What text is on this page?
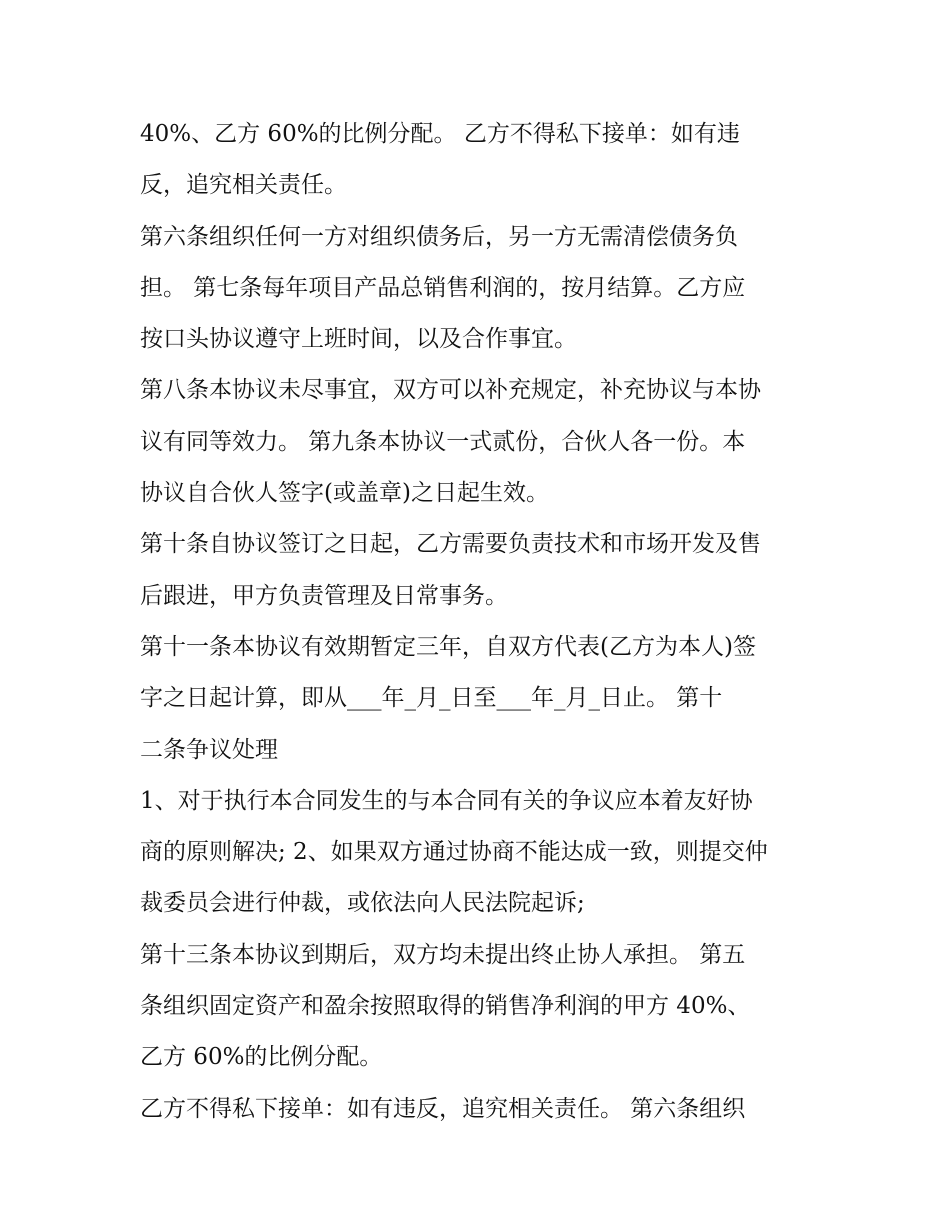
40%、乙方 60%的比例分配。 乙方不得私下接单：如有违
反，追究相关责任。
第六条组织任何一方对组织债务后，另一方无需清偿债务负
担。 第七条每年项目产品总销售利润的，按月结算。乙方应
按口头协议遵守上班时间，以及合作事宜。
第八条本协议未尽事宜，双方可以补充规定，补充协议与本协
议有同等效力。 第九条本协议一式贰份，合伙人各一份。本
协议自合伙人签字(或盖章)之日起生效。
第十条自协议签订之日起，乙方需要负责技术和市场开发及售
后跟进，甲方负责管理及日常事务。
第十一条本协议有效期暂定三年，自双方代表(乙方为本人)签
字之日起计算，即从___年_月_日至___年_月_日止。 第十
二条争议处理
1、对于执行本合同发生的与本合同有关的争议应本着友好协
商的原则解决; 2、如果双方通过协商不能达成一致，则提交仲
裁委员会进行仲裁，或依法向人民法院起诉;
第十三条本协议到期后，双方均未提出终止协人承担。 第五
条组织固定资产和盈余按照取得的销售净利润的甲方 40%、
乙方 60%的比例分配。
乙方不得私下接单：如有违反，追究相关责任。 第六条组织
